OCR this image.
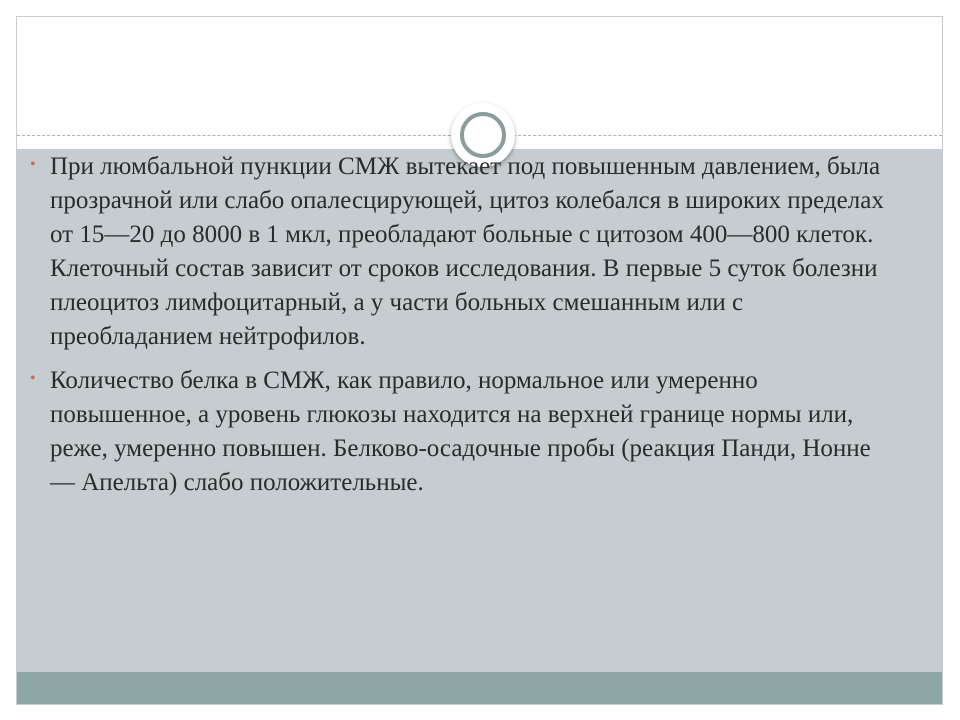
• При люмбальной пункции СМЖ вытекает под повышенным давлением, была прозрачной или слабо опалесцирующей, цитоз колебался в широких пределах от 15—20 до 8000 в 1 мкл, преобладают больные с цитозом 400—800 клеток. Клеточный состав зависит от сроков исследования. В первые 5 суток болезни плеоцитоз лимфоцитарный, а у части больных смешанным или с преобладанием нейтрофилов.
• Количество белка в СМЖ, как правило, нормальное или умеренно повышенное, а уровень глюкозы находится на верхней границе нормы или, реже, умеренно повышен. Белково-осадочные пробы (реакция Панди, Нонне — Апельта) слабо положительные.
